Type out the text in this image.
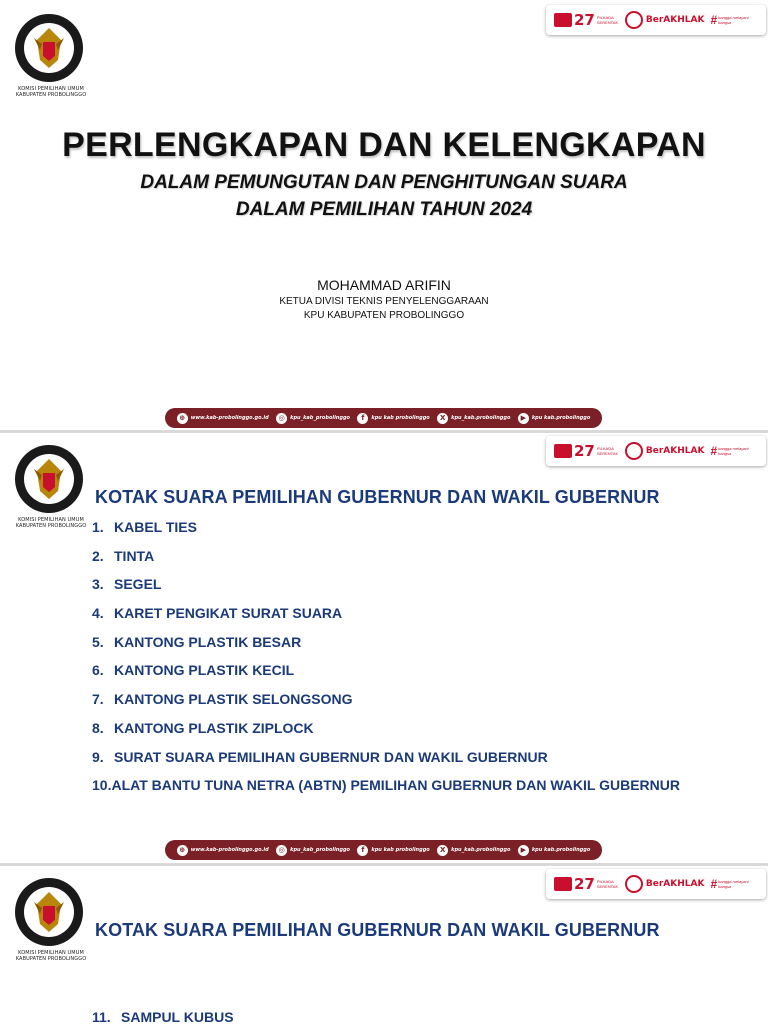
KOMISI PEMILIHAN UMUM
KABUPATEN PROBOLINGGO
27 PILKADA SERENTAK	BerAKHLAK # bangga melayani bangsa
PERLENGKAPAN DAN KELENGKAPAN
DALAM PEMUNGUTAN DAN PENGHITUNGAN SUARA
DALAM PEMILIHAN TAHUN 2024
MOHAMMAD ARIFIN
KETUA DIVISI TEKNIS PENYELENGGARAAN
KPU KABUPATEN PROBOLINGGO
⊕	www.kab-probolinggo.go.id	◎	kpu_kab_probolinggo	f	kpu kab probolinggo	X	kpu_kab.probolinggo	▶	kpu kab.probolinggo
KOMISI PEMILIHAN UMUM
KABUPATEN PROBOLINGGO
27 PILKADA SERENTAK	BerAKHLAK # bangga melayani bangsa
KOTAK SUARA PEMILIHAN GUBERNUR DAN WAKIL GUBERNUR
1. KABEL TIES
2. TINTA
3. SEGEL
4. KARET PENGIKAT SURAT SUARA
5. KANTONG PLASTIK BESAR
6. KANTONG PLASTIK KECIL
7. KANTONG PLASTIK SELONGSONG
8. KANTONG PLASTIK ZIPLOCK
9. SURAT SUARA PEMILIHAN GUBERNUR DAN WAKIL GUBERNUR
10. ALAT BANTU TUNA NETRA (ABTN) PEMILIHAN GUBERNUR DAN WAKIL GUBERNUR
⊕	www.kab-probolinggo.go.id	◎	kpu_kab_probolinggo	f	kpu kab probolinggo	X	kpu_kab.probolinggo	▶	kpu kab.probolinggo
KOMISI PEMILIHAN UMUM
KABUPATEN PROBOLINGGO
27 PILKADA SERENTAK	BerAKHLAK # bangga melayani bangsa
KOTAK SUARA PEMILIHAN GUBERNUR DAN WAKIL GUBERNUR
11. SAMPUL KUBUS
